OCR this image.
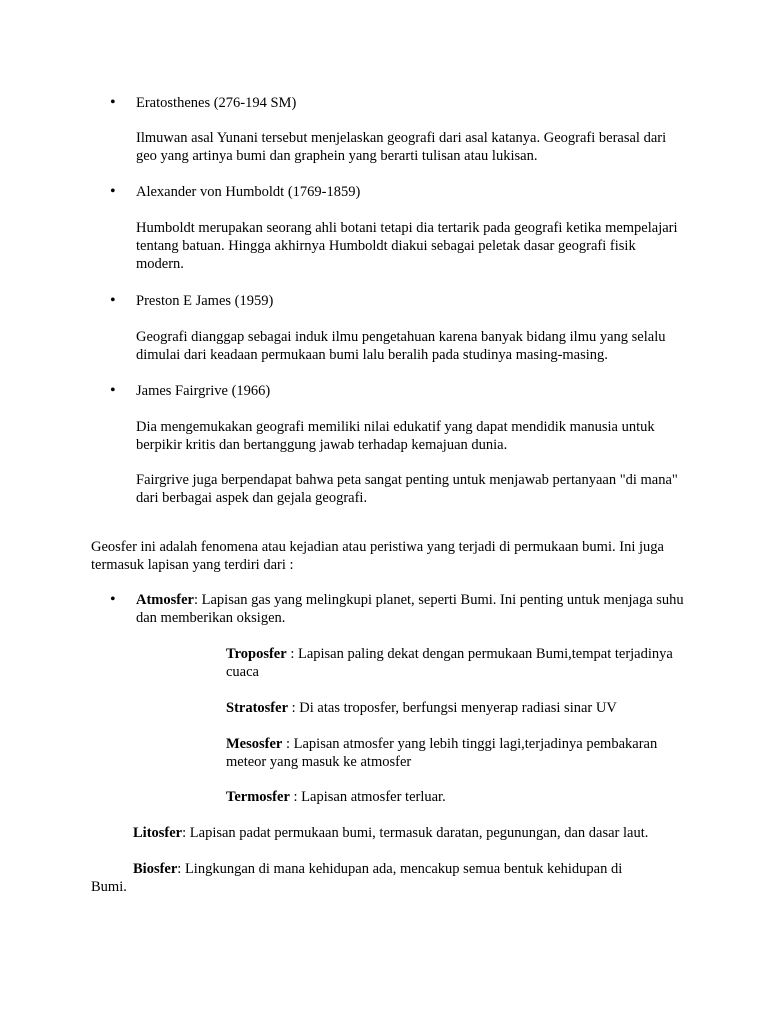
•	Eratosthenes (276-194 SM)
Ilmuwan asal Yunani tersebut menjelaskan geografi dari asal katanya. Geografi berasal dari geo yang artinya bumi dan graphein yang berarti tulisan atau lukisan.
•	Alexander von Humboldt (1769-1859)
Humboldt merupakan seorang ahli botani tetapi dia tertarik pada geografi ketika mempelajari tentang batuan. Hingga akhirnya Humboldt diakui sebagai peletak dasar geografi fisik modern.
•	Preston E James (1959)
Geografi dianggap sebagai induk ilmu pengetahuan karena banyak bidang ilmu yang selalu dimulai dari keadaan permukaan bumi lalu beralih pada studinya masing-masing.
•	James Fairgrive (1966)
Dia mengemukakan geografi memiliki nilai edukatif yang dapat mendidik manusia untuk berpikir kritis dan bertanggung jawab terhadap kemajuan dunia.
Fairgrive juga berpendapat bahwa peta sangat penting untuk menjawab pertanyaan "di mana" dari berbagai aspek dan gejala geografi.
Geosfer ini adalah fenomena atau kejadian atau peristiwa yang terjadi di permukaan bumi. Ini juga termasuk lapisan yang terdiri dari :
•	Atmosfer: Lapisan gas yang melingkupi planet, seperti Bumi. Ini penting untuk menjaga suhu dan memberikan oksigen.
Troposfer : Lapisan paling dekat dengan permukaan Bumi,tempat terjadinya cuaca
Stratosfer : Di atas troposfer, berfungsi menyerap radiasi sinar UV
Mesosfer : Lapisan atmosfer yang lebih tinggi lagi,terjadinya pembakaran meteor yang masuk ke atmosfer
Termosfer : Lapisan atmosfer terluar.
Litosfer: Lapisan padat permukaan bumi, termasuk daratan, pegunungan, dan dasar laut.
Biosfer: Lingkungan di mana kehidupan ada, mencakup semua bentuk kehidupan di Bumi.
